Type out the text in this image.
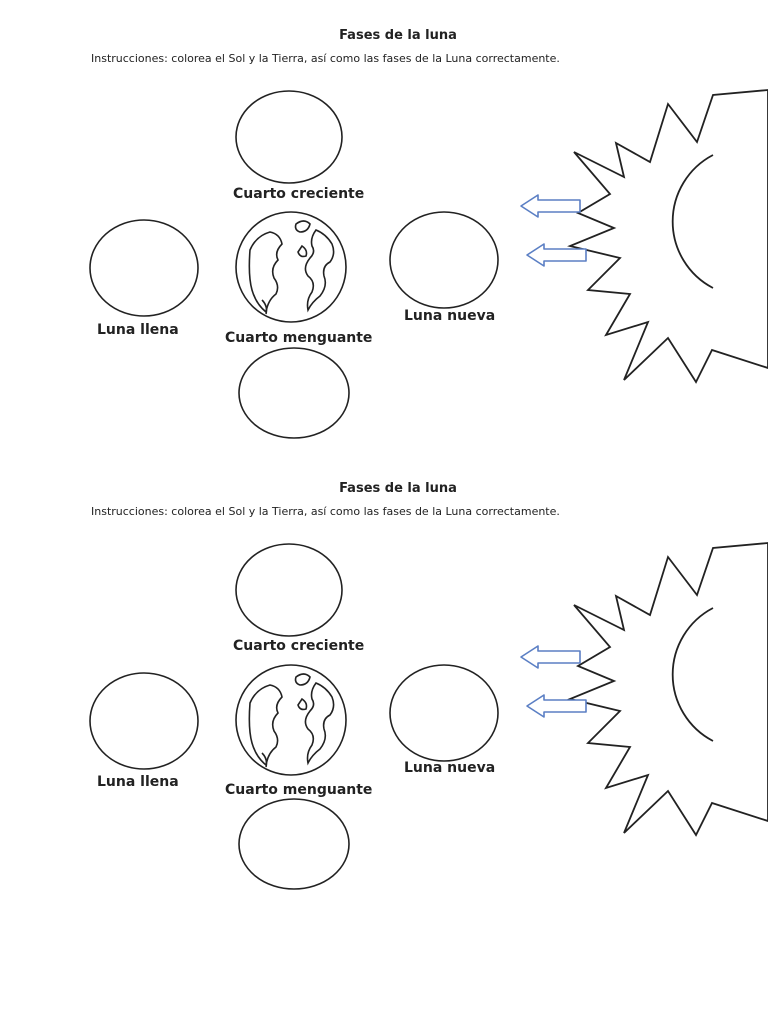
Fases de la luna
Instrucciones: colorea el Sol y la Tierra, así como las fases de la Luna correctamente.
Cuarto creciente
Luna llena
Luna nueva
Cuarto menguante
Fases de la luna
Instrucciones: colorea el Sol y la Tierra, así como las fases de la Luna correctamente.
Cuarto creciente
Luna llena
Luna nueva
Cuarto menguante
